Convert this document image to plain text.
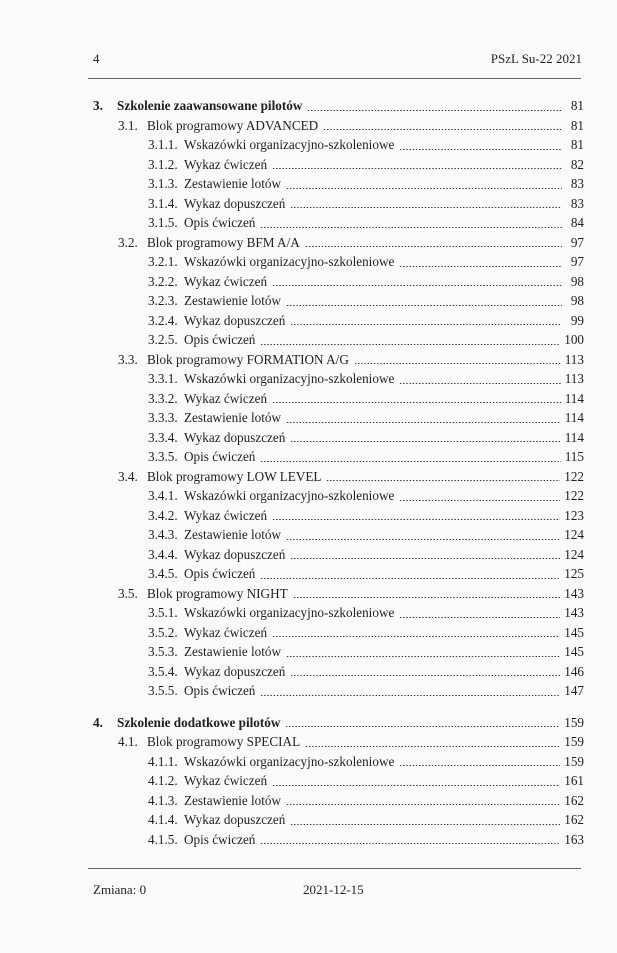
4	PSzL Su-22 2021
3.	Szkolenie zaawansowane pilotów	81
3.1. Blok programowy ADVANCED	81
3.1.1. Wskazówki organizacyjno-szkoleniowe	81
3.1.2. Wykaz ćwiczeń	82
3.1.3. Zestawienie lotów	83
3.1.4. Wykaz dopuszczeń	83
3.1.5. Opis ćwiczeń	84
3.2. Blok programowy BFM A/A	97
3.2.1. Wskazówki organizacyjno-szkoleniowe	97
3.2.2. Wykaz ćwiczeń	98
3.2.3. Zestawienie lotów	98
3.2.4. Wykaz dopuszczeń	99
3.2.5. Opis ćwiczeń	100
3.3. Blok programowy FORMATION A/G	113
3.3.1. Wskazówki organizacyjno-szkoleniowe	113
3.3.2. Wykaz ćwiczeń	114
3.3.3. Zestawienie lotów	114
3.3.4. Wykaz dopuszczeń	114
3.3.5. Opis ćwiczeń	115
3.4. Blok programowy LOW LEVEL	122
3.4.1. Wskazówki organizacyjno-szkoleniowe	122
3.4.2. Wykaz ćwiczeń	123
3.4.3. Zestawienie lotów	124
3.4.4. Wykaz dopuszczeń	124
3.4.5. Opis ćwiczeń	125
3.5. Blok programowy NIGHT	143
3.5.1. Wskazówki organizacyjno-szkoleniowe	143
3.5.2. Wykaz ćwiczeń	145
3.5.3. Zestawienie lotów	145
3.5.4. Wykaz dopuszczeń	146
3.5.5. Opis ćwiczeń	147
4.	Szkolenie dodatkowe pilotów	159
4.1. Blok programowy SPECIAL	159
4.1.1. Wskazówki organizacyjno-szkoleniowe	159
4.1.2. Wykaz ćwiczeń	161
4.1.3. Zestawienie lotów	162
4.1.4. Wykaz dopuszczeń	162
4.1.5. Opis ćwiczeń	163
Zmiana: 0	2021-12-15
